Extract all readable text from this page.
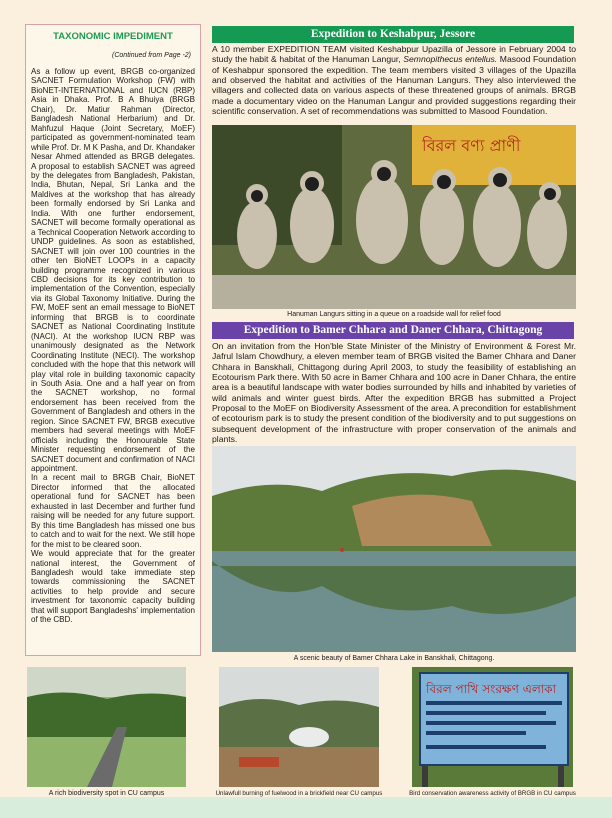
TAXONOMIC IMPEDIMENT
(Continued from Page -2)

As a follow up event, BRGB co-organized SACNET Formulation Workshop (FW) with BioNET-INTERNATIONAL and IUCN (RBP) Asia in Dhaka. Prof. B A Bhuiya (BRGB Chair), Dr. Matiur Rahman (Director, Bangladesh National Herbarium) and Dr. Mahfuzul Haque (Joint Secretary, MoEF) participated as government-nominated team while Prof. Dr. M K Pasha, and Dr. Khandaker Nesar Ahmed attended as BRGB delegates. A proposal to establish SACNET was agreed by the delegates from Bangladesh, Pakistan, India, Bhutan, Nepal, Sri Lanka and the Maldives at the workshop that has already been formally endorsed by Sri Lanka and India. With one further endorsement, SACNET will become formally operational as a Technical Cooperation Network according to UNDP guidelines. As soon as established, SACNET will join over 100 countries in the other ten BioNET LOOPs in a capacity building programme recognized in various CBD decisions for its key contribution to implementation of the Convention, especially via its Global Taxonomy Initiative. During the FW, MoEF sent an email message to BioNET informing that BRGB is to coordinate SACNET as National Coordinating Institute (NACI). At the workshop IUCN RBP was unanimously designated as the Network Coordinating Institute (NECI). The workshop concluded with the hope that this network will play vital role in building taxonomic capacity in South Asia. One and a half year on from the SACNET workshop, no formal endorsement has been received from the Government of Bangladesh and others in the region. Since SACNET FW, BRGB executive members had several meetings with MoEF officials including the Honourable State Minister requesting endorsement of the SACNET document and confirmation of NACI appointment.

In a recent mail to BRGB Chair, BioNET Director informed that the allocated operational fund for SACNET has been exhausted in last December and further fund raising will be needed for any future support. By this time Bangladesh has missed one bus to catch and to wait for the next. We still hope for the mist to be cleared soon.

We would appreciate that for the greater national interest, the Government of Bangladesh would take immediate step towards commissioning the SACNET activities to help provide and secure investment for taxonomic capacity building that will support Bangladeshs' implementation of the CBD.

Expedition to Keshabpur, Jessore

A 10 member EXPEDITION TEAM visited Keshabpur Upazilla of Jessore in February 2004 to study the habit & habitat of the Hanuman Langur, Semnopithecus entellus. Masood Foundation of Keshabpur sponsored the expedition. The team members visited 3 villages of the Upazilla and observed the habitat and activities of the Hanuman Langurs. They also interviewed the villagers and collected data on various aspects of these threatened groups of animals. BRGB made a documentary video on the Hanuman Langur and provided suggestions regarding their scientific conservation. A set of recommendations was submitted to Masood Foundation.

বিরল বণ্য প্রাণী
Hanuman Langurs sitting in a queue on a roadside wall for relief food
Expedition to Bamer Chhara and Daner Chhara, Chittagong

On an invitation from the Hon'ble State Minister of the Ministry of Environment & Forest Mr. Jafrul Islam Chowdhury, a eleven member team of BRGB visited the Bamer Chhara and Daner Chhara in Banskhali, Chittagong during April 2003, to study the feasibility of establishing an Ecotourism Park there. With 50 acre in Bamer Chhara and 100 acre in Daner Chhara, the entire area is a beautiful landscape with water bodies surrounded by hills and inhabited by varieties of wild animals and winter guest birds. After the expedition BRGB has submitted a Project Proposal to the MoEF on Biodiversity Assessment of the area. A precondition for establishment of ecotourism park is to study the present condition of the biodiversity and to put suggestions on subsequent development of the infrastructure with proper conservation of the animals and plants.

A scenic beauty of Bamer Chhara Lake in Banskhali, Chittagong.
A rich biodiversity spot in CU campus	Unlawfull burning of fuelwood in a brickfield near CU campus
বিরল পাখি সংরক্ষণ এলাকা
Bird conservation awareness activity of BRGB in CU campus
